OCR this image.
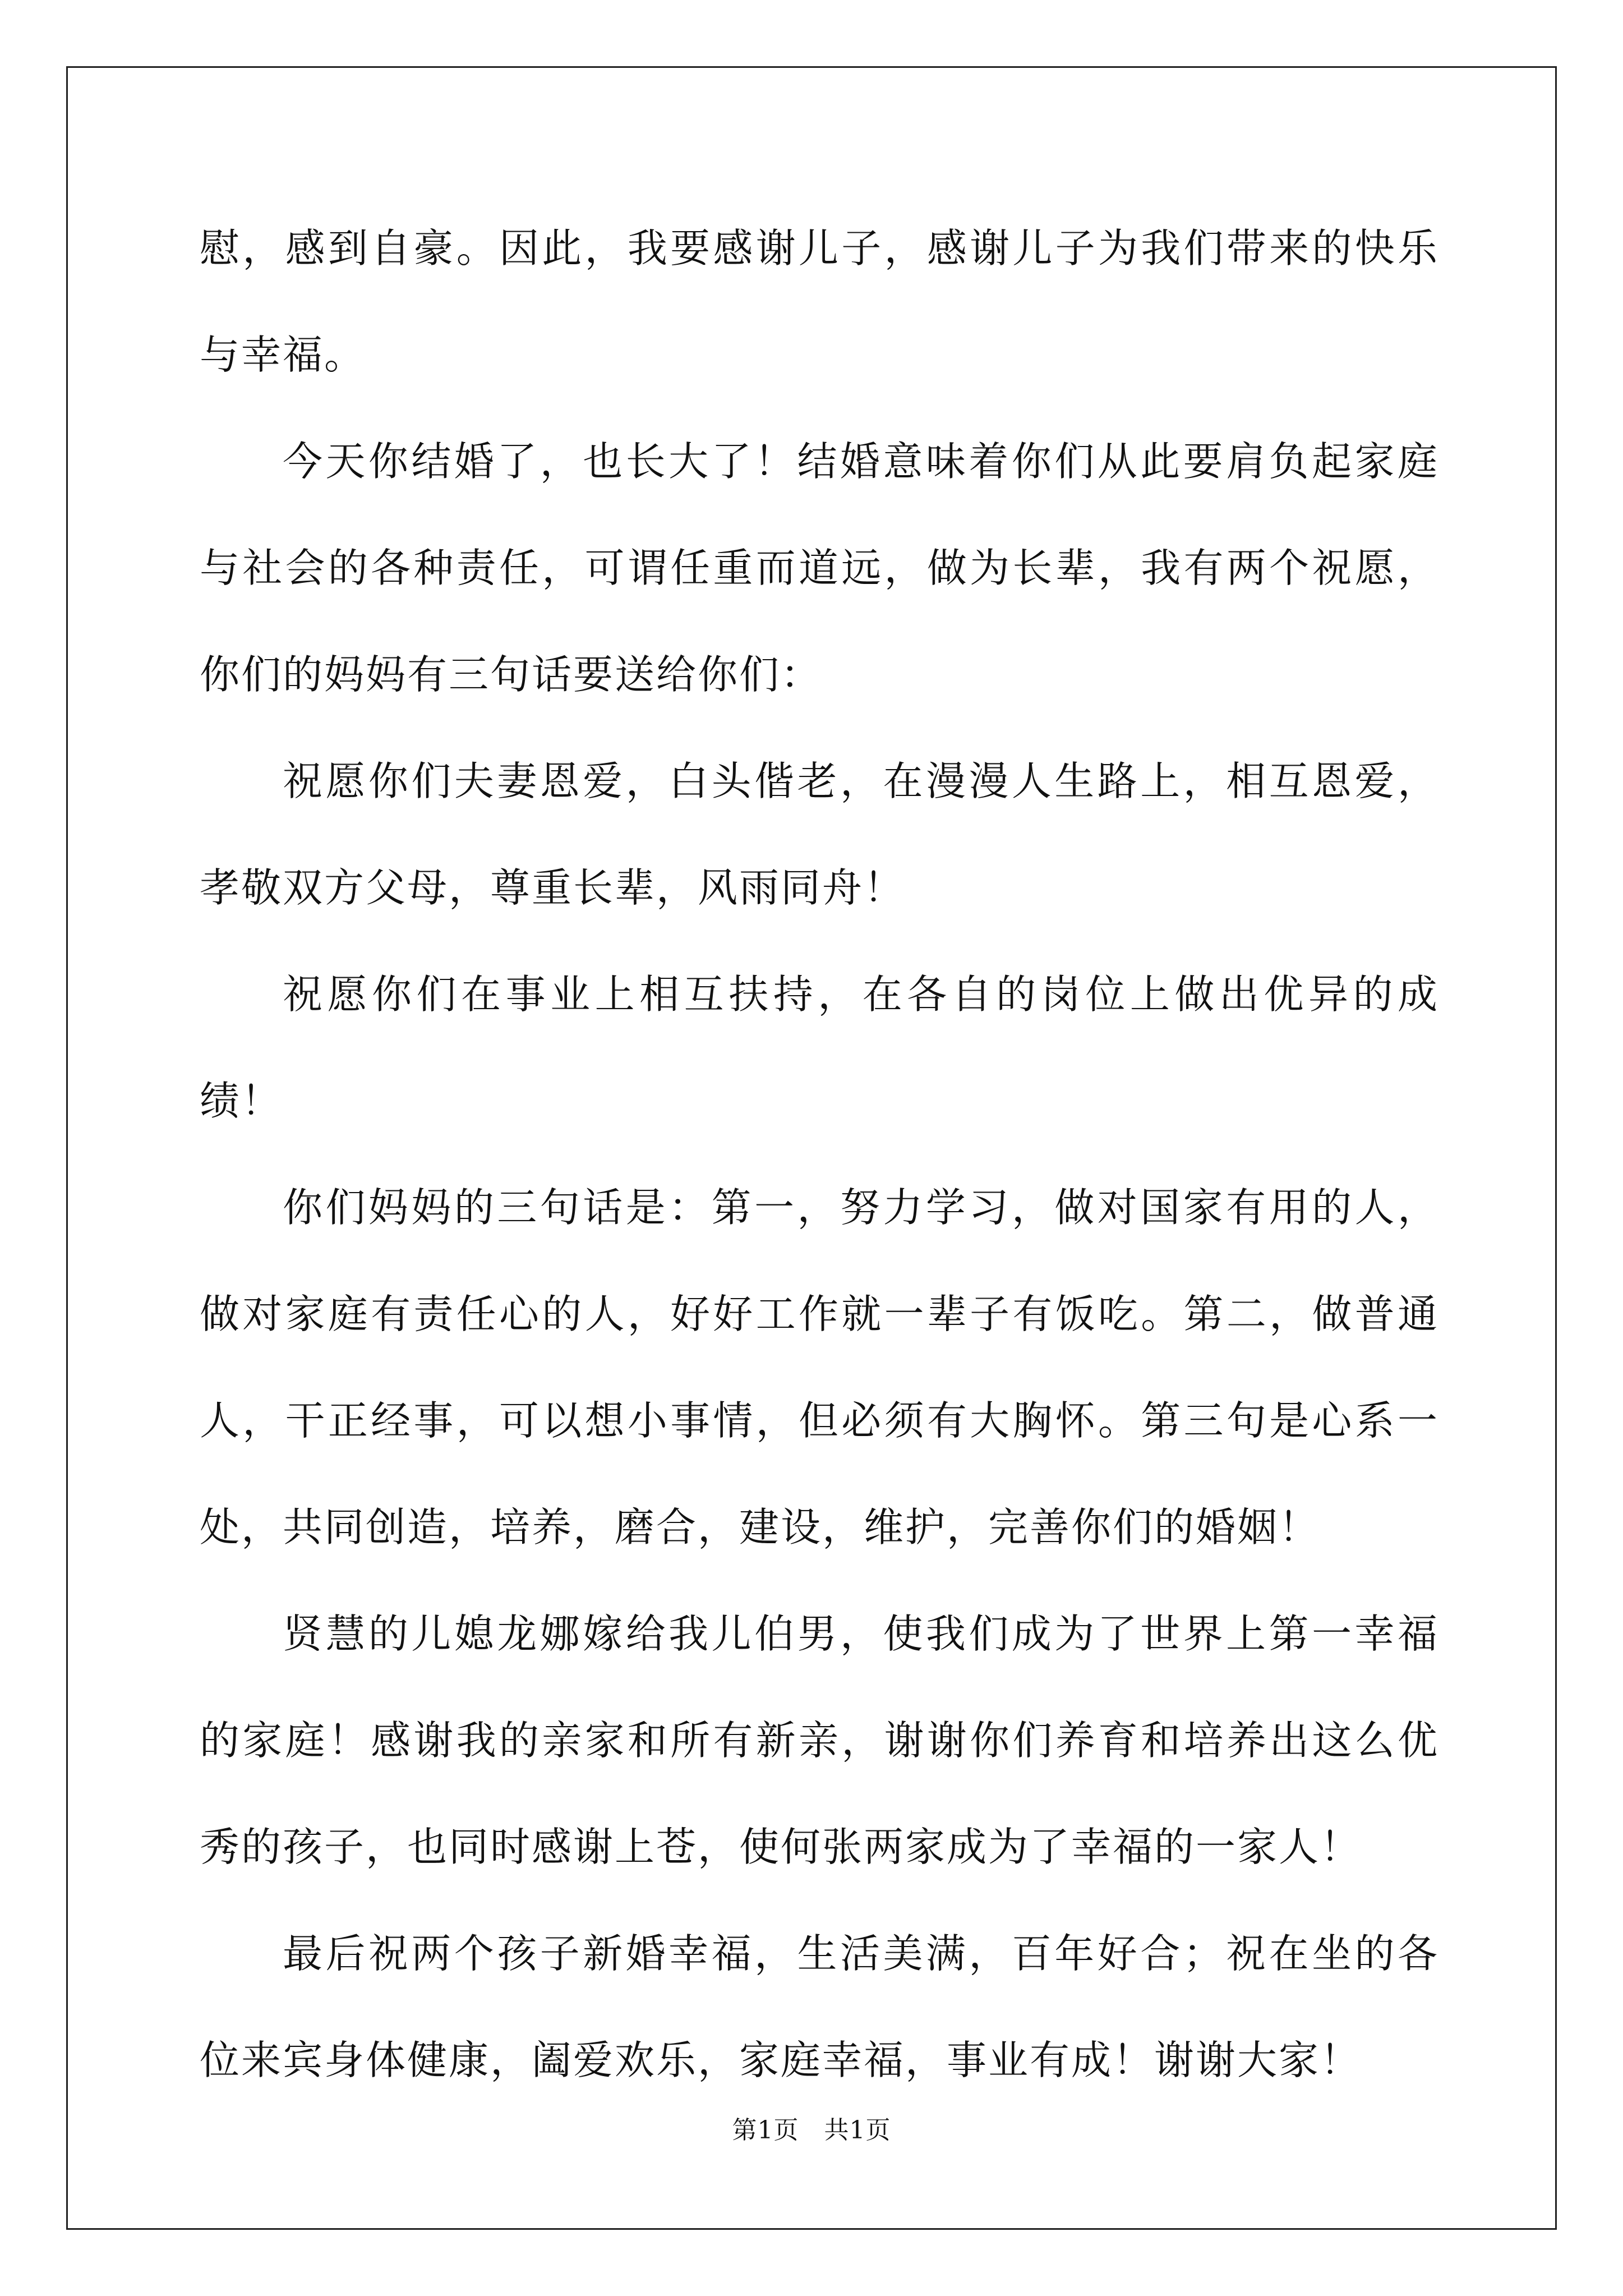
慰，感到自豪。因此，我要感谢儿子，感谢儿子为我们带来的快乐与幸福。

今天你结婚了，也长大了！结婚意味着你们从此要肩负起家庭与社会的各种责任，可谓任重而道远，做为长辈，我有两个祝愿，你们的妈妈有三句话要送给你们：

祝愿你们夫妻恩爱，白头偕老，在漫漫人生路上，相互恩爱，孝敬双方父母，尊重长辈，风雨同舟！

祝愿你们在事业上相互扶持，在各自的岗位上做出优异的成绩！

你们妈妈的三句话是：第一，努力学习，做对国家有用的人，做对家庭有责任心的人，好好工作就一辈子有饭吃。第二，做普通人，干正经事，可以想小事情，但必须有大胸怀。第三句是心系一处，共同创造，培养，磨合，建设，维护，完善你们的婚姻！

贤慧的儿媳龙娜嫁给我儿伯男，使我们成为了世界上第一幸福的家庭！感谢我的亲家和所有新亲，谢谢你们养育和培养出这么优秀的孩子，也同时感谢上苍，使何张两家成为了幸福的一家人！

最后祝两个孩子新婚幸福，生活美满，百年好合；祝在坐的各位来宾身体健康，阖爱欢乐，家庭幸福，事业有成！谢谢大家！

第1页　共1页
